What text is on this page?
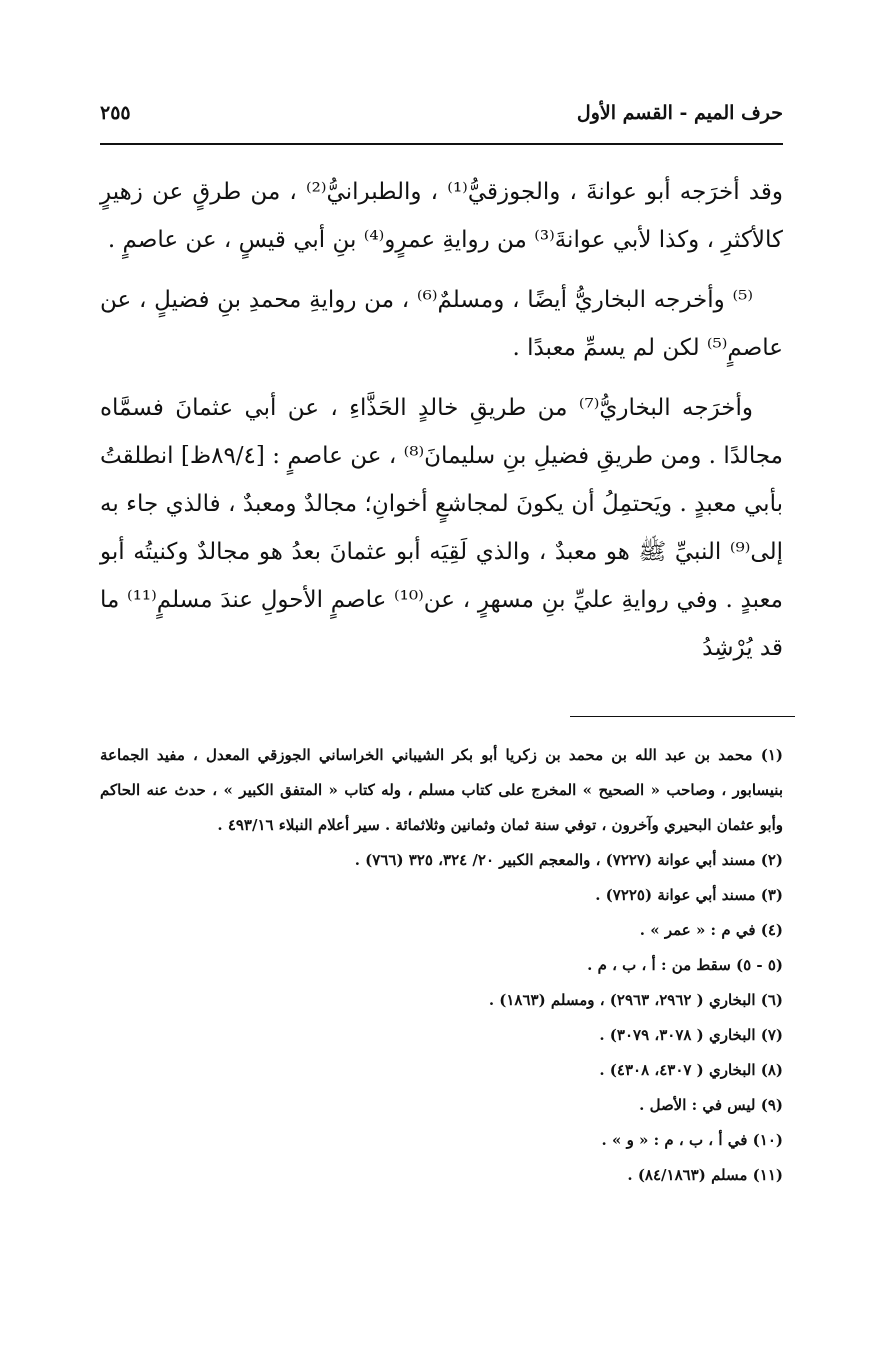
حرف الميم - القسم الأول
٢٥٥

وقد أخرَجه أبو عوانةَ ، والجوزقيُّ⁽¹⁾ ، والطبرانيُّ⁽²⁾ ، من طرقٍ عن زهيرٍ كالأكثرِ ، وكذا لأبي عوانةَ⁽³⁾ من روايةِ عمرٍو⁽⁴⁾ بنِ أبي قيسٍ ، عن عاصمٍ .

⁽⁵⁾ وأخرجه البخاريُّ أيضًا ، ومسلمٌ⁽⁶⁾ ، من روايةِ محمدِ بنِ فضيلٍ ، عن عاصمٍ⁽⁵⁾ لكن لم يسمِّ معبدًا .

وأخرَجه البخاريُّ⁽⁷⁾ من طريقِ خالدٍ الحَذَّاءِ ، عن أبي عثمانَ فسمَّاه مجالدًا . ومن طريقِ فضيلِ بنِ سليمانَ⁽⁸⁾ ، عن عاصمٍ : [٨٩/٤ظ] انطلقتُ بأبي معبدٍ . ويَحتمِلُ أن يكونَ لمجاشعٍ أخوانِ؛ مجالدٌ ومعبدٌ ، فالذي جاء به إلى⁽⁹⁾ النبيِّ ﷺ هو معبدٌ ، والذي لَقِيَه أبو عثمانَ بعدُ هو مجالدٌ وكنيتُه أبو معبدٍ . وفي روايةِ عليِّ بنِ مسهرٍ ، عن⁽¹⁰⁾ عاصمٍ الأحولِ عندَ مسلمٍ⁽¹¹⁾ ما قد يُرْشِدُ

(١) محمد بن عبد الله بن محمد بن زكريا أبو بكر الشيباني الخراساني الجوزقي المعدل ، مفيد الجماعة بنيسابور ، وصاحب « الصحيح » المخرج على كتاب مسلم ، وله كتاب « المتفق الكبير » ، حدث عنه الحاكم وأبو عثمان البحيري وآخرون ، توفي سنة ثمان وثمانين وثلاثمائة . سير أعلام النبلاء ٤٩٣/١٦ .

(٢) مسند أبي عوانة (٧٢٢٧) ، والمعجم الكبير ٢٠/ ٣٢٤، ٣٢٥ (٧٦٦) .

(٣) مسند أبي عوانة (٧٢٢٥) .

(٤) في م : « عمر » .

(٥ - ٥) سقط من : أ ، ب ، م .

(٦) البخاري ( ٢٩٦٢، ٢٩٦٣) ، ومسلم (١٨٦٣) .

(٧) البخاري ( ٣٠٧٨، ٣٠٧٩) .

(٨) البخاري ( ٤٣٠٧، ٤٣٠٨) .

(٩) ليس في : الأصل .

(١٠) في أ ، ب ، م : « و » .

(١١) مسلم (٨٤/١٨٦٣) .
